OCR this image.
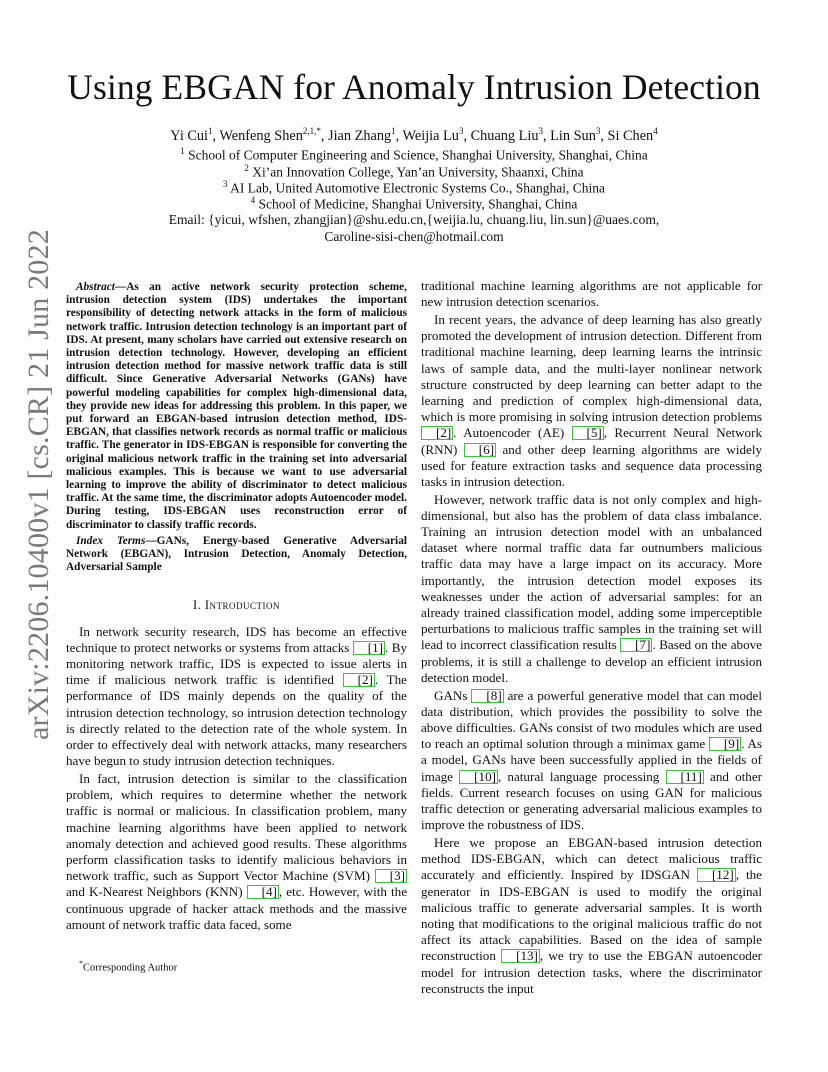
Using EBGAN for Anomaly Intrusion Detection
Yi Cui$^1$, Wenfeng Shen$^{2,1,*}$, Jian Zhang$^1$, Weijia Lu$^3$, Chuang Liu$^3$, Lin Sun$^3$, Si Chen$^4$
$^1$ School of Computer Engineering and Science, Shanghai University, Shanghai, China
$^2$ Xi’an Innovation College, Yan’an University, Shaanxi, China
$^3$ AI Lab, United Automotive Electronic Systems Co., Shanghai, China
$^4$ School of Medicine, Shanghai University, Shanghai, China
Email: {yicui, wfshen, zhangjian}@shu.edu.cn,{weijia.lu, chuang.liu, lin.sun}@uaes.com,
Caroline-sisi-chen@hotmail.com
arXiv:2206.10400v1 [cs.CR] 21 Jun 2022	Abstract—As an active network security protection scheme, intrusion detection system (IDS) undertakes the important responsibility of detecting network attacks in the form of malicious network traffic. Intrusion detection technology is an important part of IDS. At present, many scholars have carried out extensive research on intrusion detection technology. However, developing an efficient intrusion detection method for massive network traffic data is still difficult. Since Generative Adversarial Networks (GANs) have powerful modeling capabilities for complex high-dimensional data, they provide new ideas for addressing this problem. In this paper, we put forward an EBGAN-based intrusion detection method, IDS-EBGAN, that classifies network records as normal traffic or malicious traffic. The generator in IDS-EBGAN is responsible for converting the original malicious network traffic in the training set into adversarial malicious examples. This is because we want to use adversarial learning to improve the ability of discriminator to detect malicious traffic. At the same time, the discriminator adopts Autoencoder model. During testing, IDS-EBGAN uses reconstruction error of discriminator to classify traffic records.

Index Terms—GANs, Energy-based Generative Adversarial Network (EBGAN), Intrusion Detection, Anomaly Detection, Adversarial Sample

I. Introduction

In network security research, IDS has become an effective technique to protect networks or systems from attacks [1] . By monitoring network traffic, IDS is expected to issue alerts in time if malicious network traffic is identified [2] . The performance of IDS mainly depends on the quality of the intrusion detection technology, so intrusion detection technology is directly related to the detection rate of the whole system. In order to effectively deal with network attacks, many researchers have begun to study intrusion detection techniques.

In fact, intrusion detection is similar to the classification problem, which requires to determine whether the network traffic is normal or malicious. In classification problem, many machine learning algorithms have been applied to network anomaly detection and achieved good results. These algorithms perform classification tasks to identify malicious behaviors in network traffic, such as Support Vector Machine (SVM) [3] and K-Nearest Neighbors (KNN) [4] , etc. However, with the continuous upgrade of hacker attack methods and the massive amount of network traffic data faced, some

traditional machine learning algorithms are not applicable for new intrusion detection scenarios.

In recent years, the advance of deep learning has also greatly promoted the development of intrusion detection. Different from traditional machine learning, deep learning learns the intrinsic laws of sample data, and the multi-layer nonlinear network structure constructed by deep learning can better adapt to the learning and prediction of complex high-dimensional data, which is more promising in solving intrusion detection problems [2] . Autoencoder (AE) [5] , Recurrent Neural Network (RNN) [6] and other deep learning algorithms are widely used for feature extraction tasks and sequence data processing tasks in intrusion detection.

However, network traffic data is not only complex and high-dimensional, but also has the problem of data class imbalance. Training an intrusion detection model with an unbalanced dataset where normal traffic data far outnumbers malicious traffic data may have a large impact on its accuracy. More importantly, the intrusion detection model exposes its weaknesses under the action of adversarial samples: for an already trained classification model, adding some imperceptible perturbations to malicious traffic samples in the training set will lead to incorrect classification results [7] . Based on the above problems, it is still a challenge to develop an efficient intrusion detection model.

GANs [8] are a powerful generative model that can model data distribution, which provides the possibility to solve the above difficulties. GANs consist of two modules which are used to reach an optimal solution through a minimax game [9] . As a model, GANs have been successfully applied in the fields of image [10] , natural language processing [11] and other fields. Current research focuses on using GAN for malicious traffic detection or generating adversarial malicious examples to improve the robustness of IDS.

Here we propose an EBGAN-based intrusion detection method IDS-EBGAN, which can detect malicious traffic accurately and efficiently. Inspired by IDSGAN [12] , the generator in IDS-EBGAN is used to modify the original malicious traffic to generate adversarial samples. It is worth noting that modifications to the original malicious traffic do not affect its attack capabilities. Based on the idea of sample reconstruction [13] , we try to use the EBGAN autoencoder model for intrusion detection tasks, where the discriminator reconstructs the input

*Corresponding Author
